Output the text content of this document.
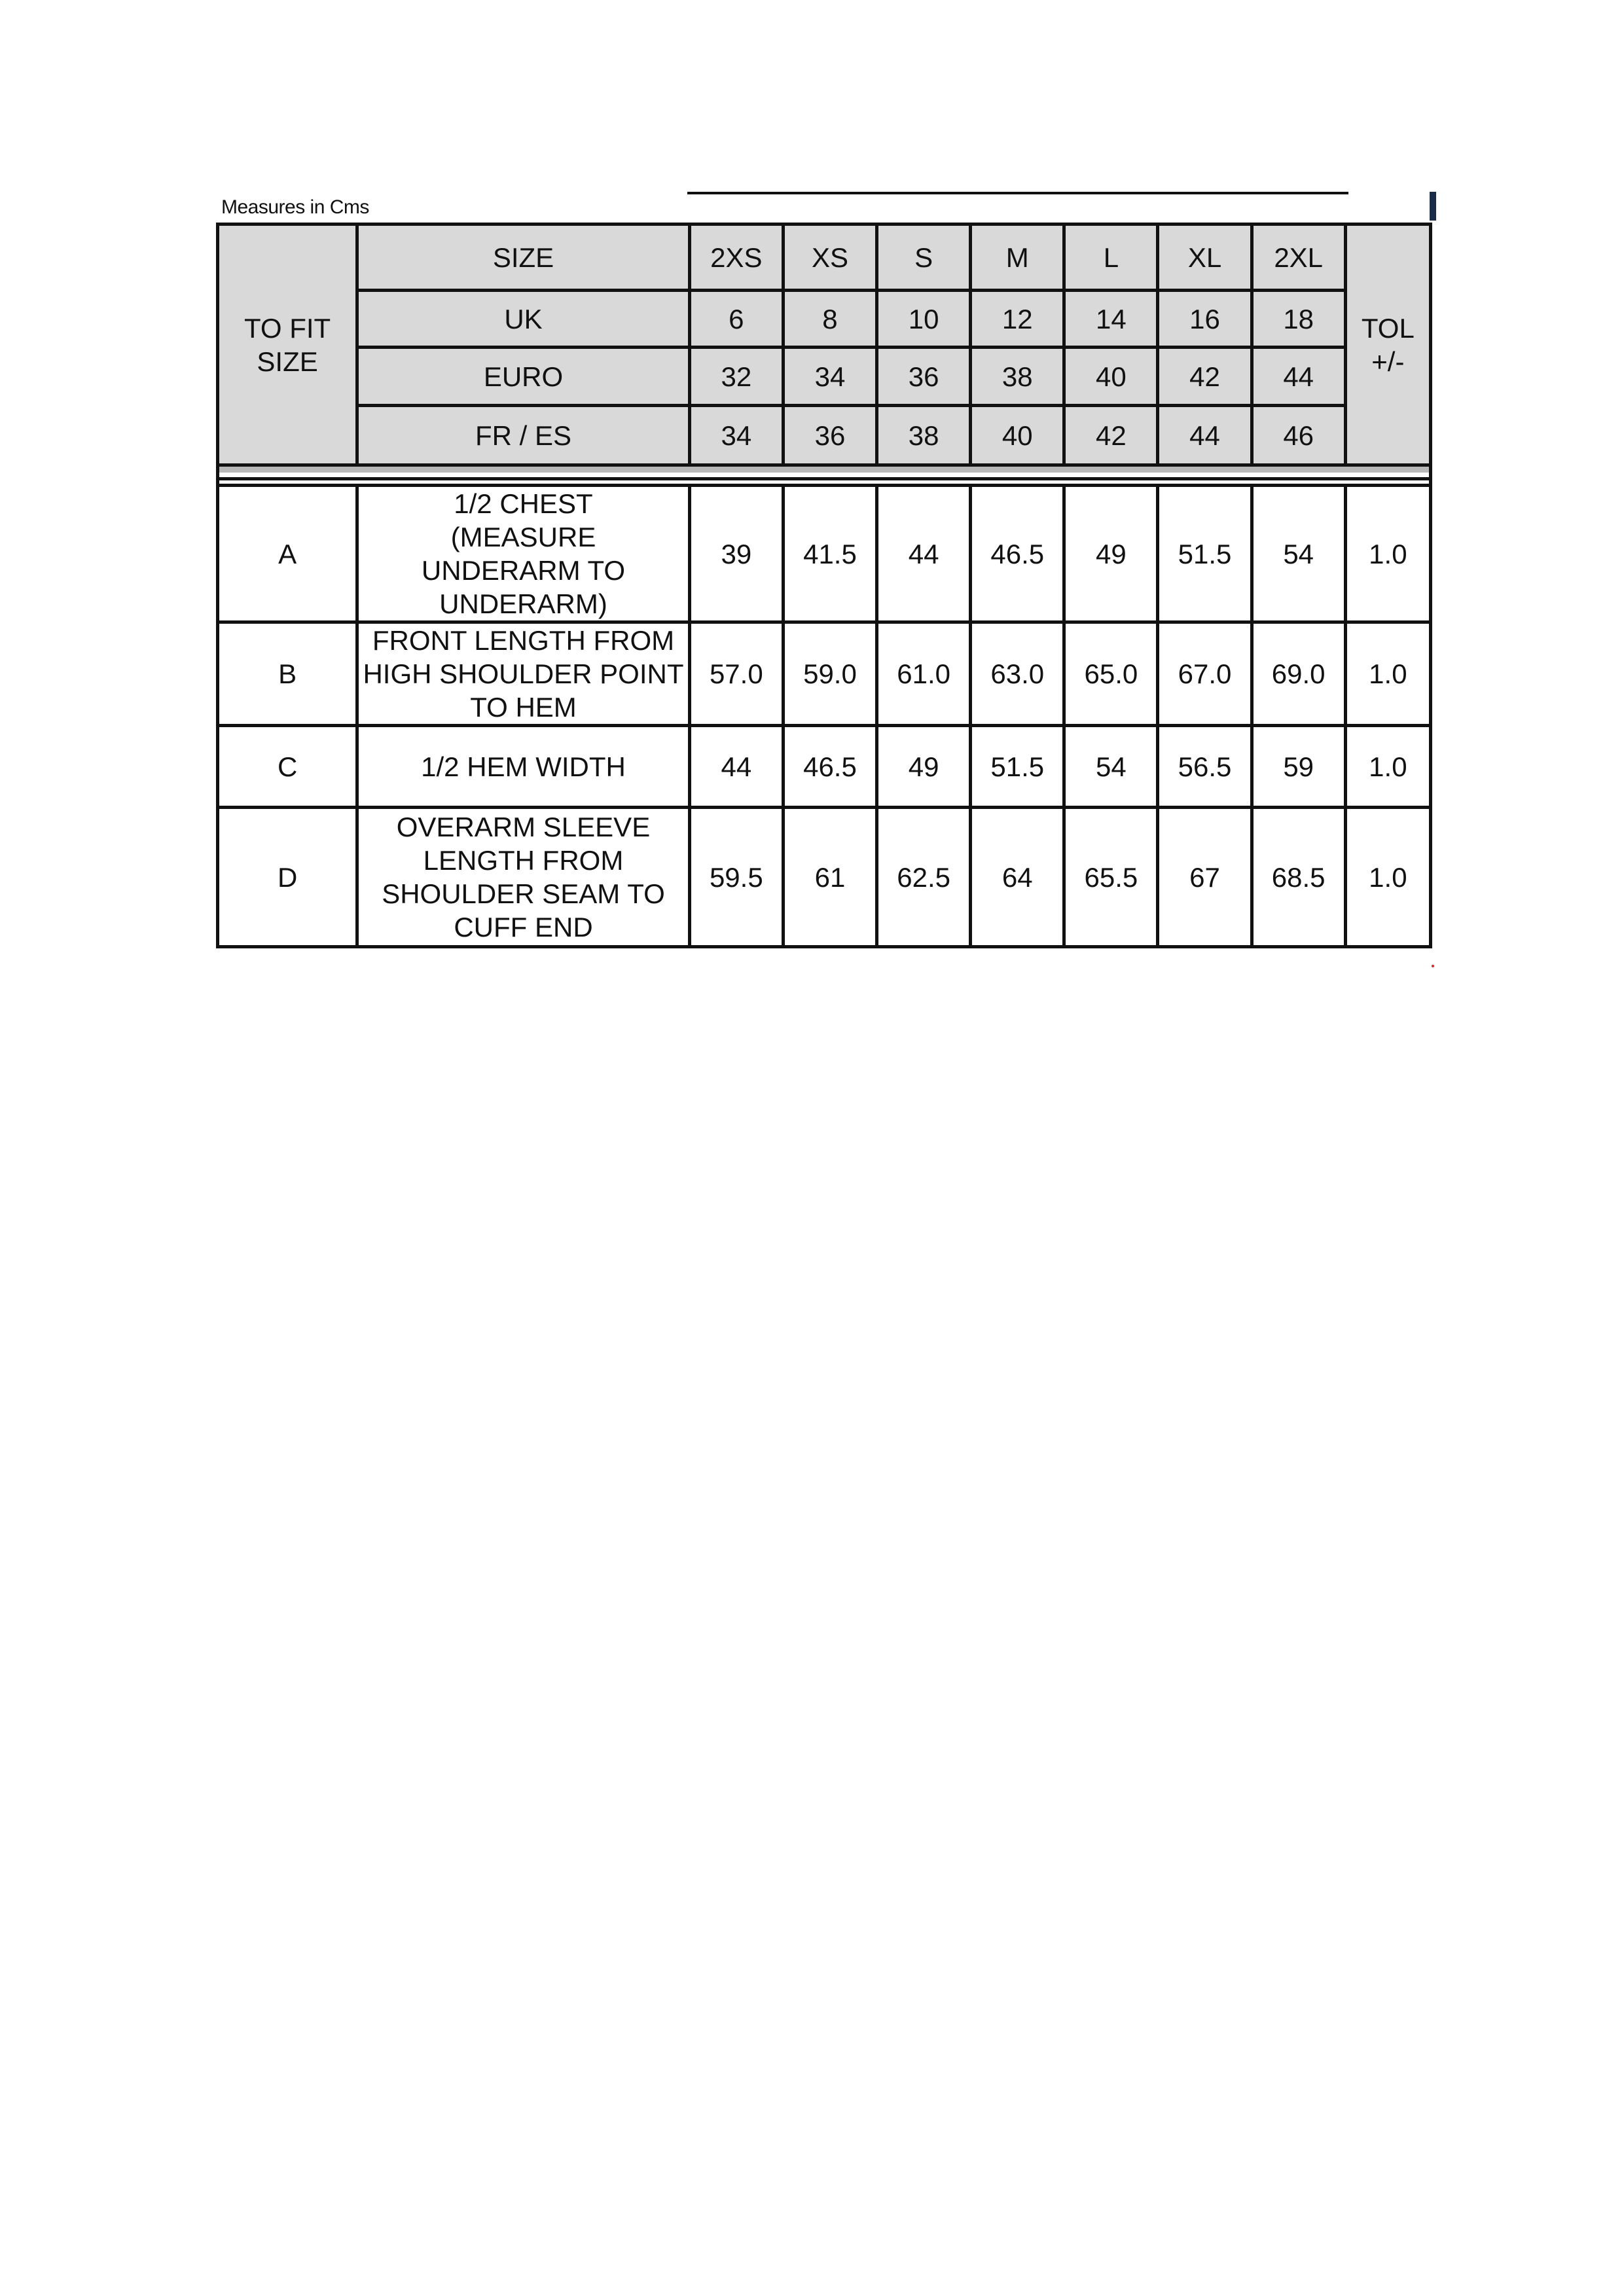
Measures in Cms
TO FIT SIZE	SIZE	2XS	XS	S	M	L	XL	2XL	TOL +/-
	UK	6	8	10	12	14	16	18	
	EURO	32	34	36	38	40	42	44	
	FR / ES	34	36	38	40	42	44	46	

A	1/2 CHEST (MEASURE UNDERARM TO UNDERARM)	39	41.5	44	46.5	49	51.5	54	1.0
B	FRONT LENGTH FROM HIGH SHOULDER POINT TO HEM	57.0	59.0	61.0	63.0	65.0	67.0	69.0	1.0
C	1/2 HEM WIDTH	44	46.5	49	51.5	54	56.5	59	1.0
D	OVERARM SLEEVE LENGTH FROM SHOULDER SEAM TO CUFF END	59.5	61	62.5	64	65.5	67	68.5	1.0
